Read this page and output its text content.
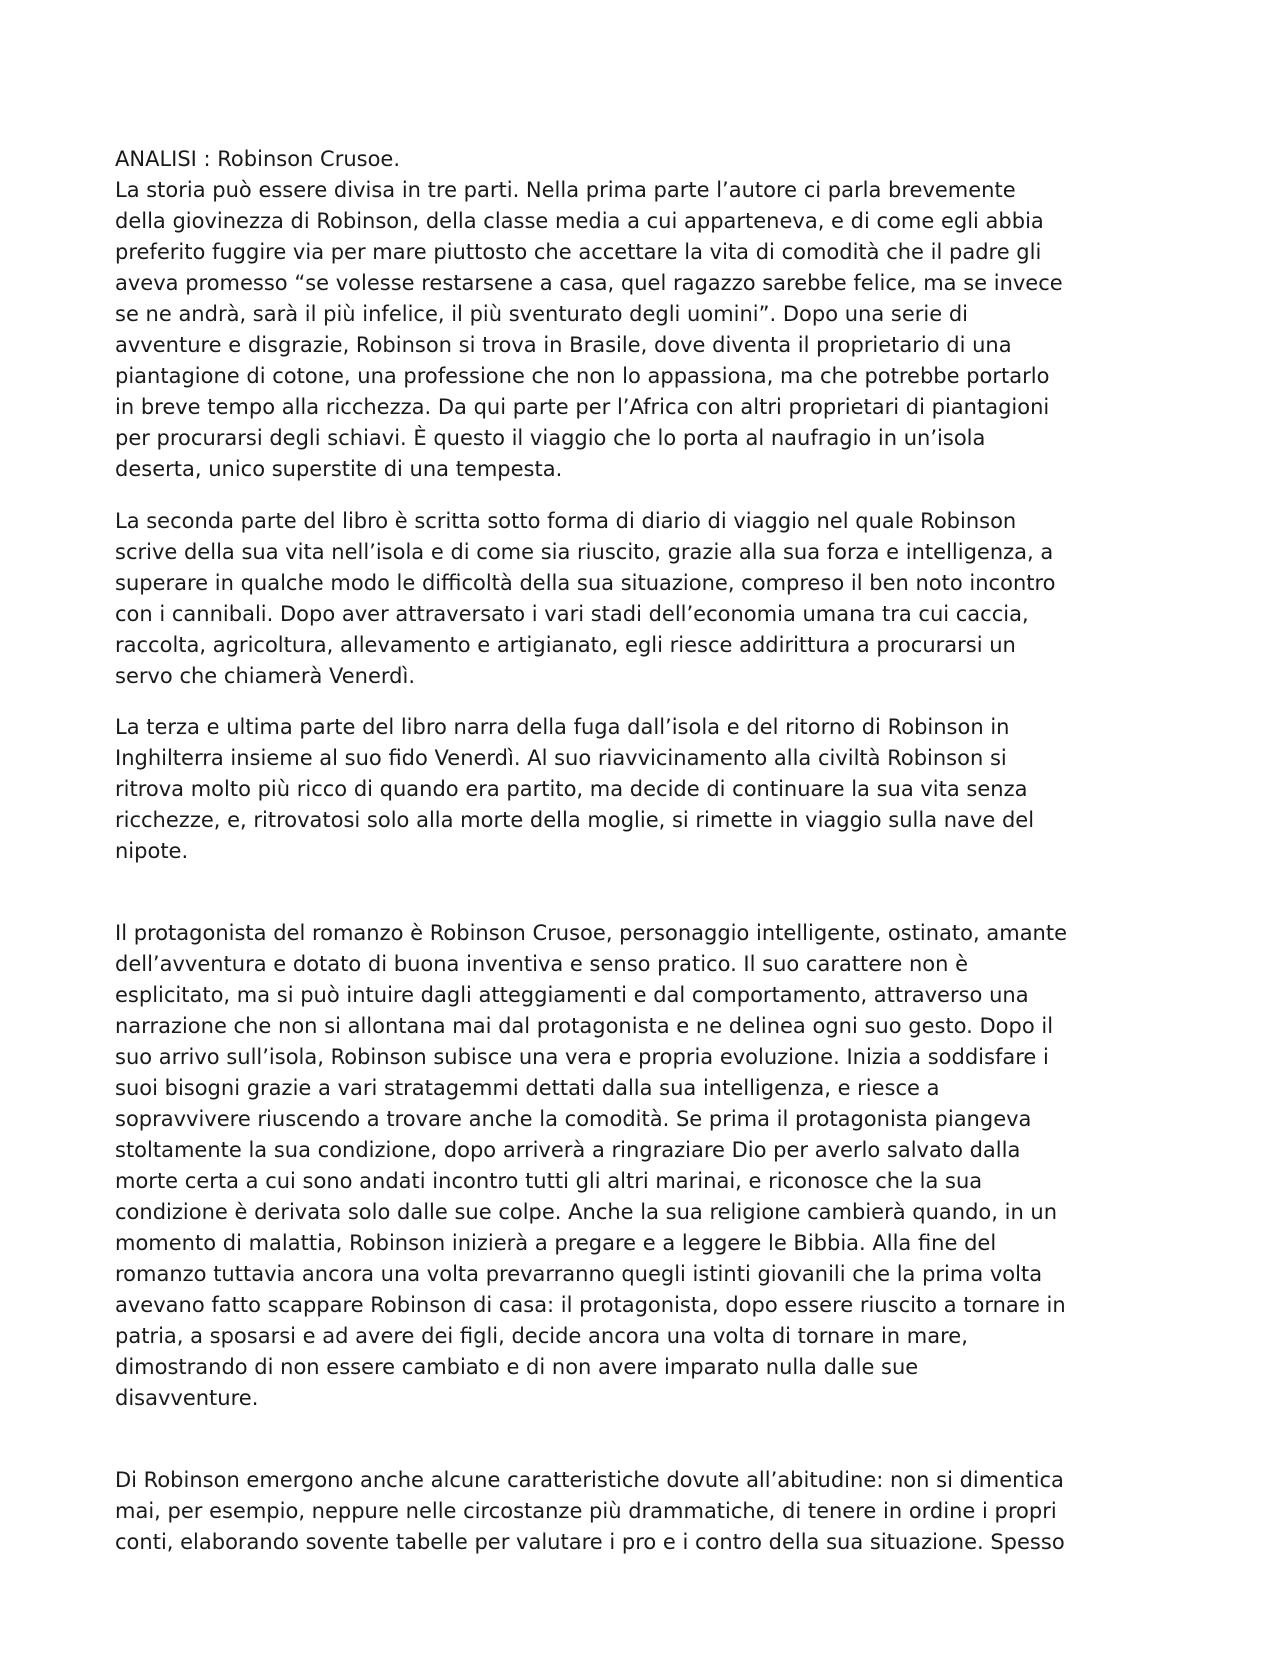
ANALISI : Robinson Crusoe.
La storia può essere divisa in tre parti. Nella prima parte l’autore ci parla brevemente
della giovinezza di Robinson, della classe media a cui apparteneva, e di come egli abbia
preferito fuggire via per mare piuttosto che accettare la vita di comodità che il padre gli
aveva promesso “se volesse restarsene a casa, quel ragazzo sarebbe felice, ma se invece
se ne andrà, sarà il più infelice, il più sventurato degli uomini”. Dopo una serie di
avventure e disgrazie, Robinson si trova in Brasile, dove diventa il proprietario di una
piantagione di cotone, una professione che non lo appassiona, ma che potrebbe portarlo
in breve tempo alla ricchezza. Da qui parte per l’Africa con altri proprietari di piantagioni
per procurarsi degli schiavi. È questo il viaggio che lo porta al naufragio in un’isola
deserta, unico superstite di una tempesta.
La seconda parte del libro è scritta sotto forma di diario di viaggio nel quale Robinson
scrive della sua vita nell’isola e di come sia riuscito, grazie alla sua forza e intelligenza, a
superare in qualche modo le difficoltà della sua situazione, compreso il ben noto incontro
con i cannibali. Dopo aver attraversato i vari stadi dell’economia umana tra cui caccia,
raccolta, agricoltura, allevamento e artigianato, egli riesce addirittura a procurarsi un
servo che chiamerà Venerdì.
La terza e ultima parte del libro narra della fuga dall’isola e del ritorno di Robinson in
Inghilterra insieme al suo fido Venerdì. Al suo riavvicinamento alla civiltà Robinson si
ritrova molto più ricco di quando era partito, ma decide di continuare la sua vita senza
ricchezze, e, ritrovatosi solo alla morte della moglie, si rimette in viaggio sulla nave del
nipote.
Il protagonista del romanzo è Robinson Crusoe, personaggio intelligente, ostinato, amante
dell’avventura e dotato di buona inventiva e senso pratico. Il suo carattere non è
esplicitato, ma si può intuire dagli atteggiamenti e dal comportamento, attraverso una
narrazione che non si allontana mai dal protagonista e ne delinea ogni suo gesto. Dopo il
suo arrivo sull’isola, Robinson subisce una vera e propria evoluzione. Inizia a soddisfare i
suoi bisogni grazie a vari stratagemmi dettati dalla sua intelligenza, e riesce a
sopravvivere riuscendo a trovare anche la comodità. Se prima il protagonista piangeva
stoltamente la sua condizione, dopo arriverà a ringraziare Dio per averlo salvato dalla
morte certa a cui sono andati incontro tutti gli altri marinai, e riconosce che la sua
condizione è derivata solo dalle sue colpe. Anche la sua religione cambierà quando, in un
momento di malattia, Robinson inizierà a pregare e a leggere le Bibbia. Alla fine del
romanzo tuttavia ancora una volta prevarranno quegli istinti giovanili che la prima volta
avevano fatto scappare Robinson di casa: il protagonista, dopo essere riuscito a tornare in
patria, a sposarsi e ad avere dei figli, decide ancora una volta di tornare in mare,
dimostrando di non essere cambiato e di non avere imparato nulla dalle sue
disavventure.
Di Robinson emergono anche alcune caratteristiche dovute all’abitudine: non si dimentica
mai, per esempio, neppure nelle circostanze più drammatiche, di tenere in ordine i propri
conti, elaborando sovente tabelle per valutare i pro e i contro della sua situazione. Spesso
